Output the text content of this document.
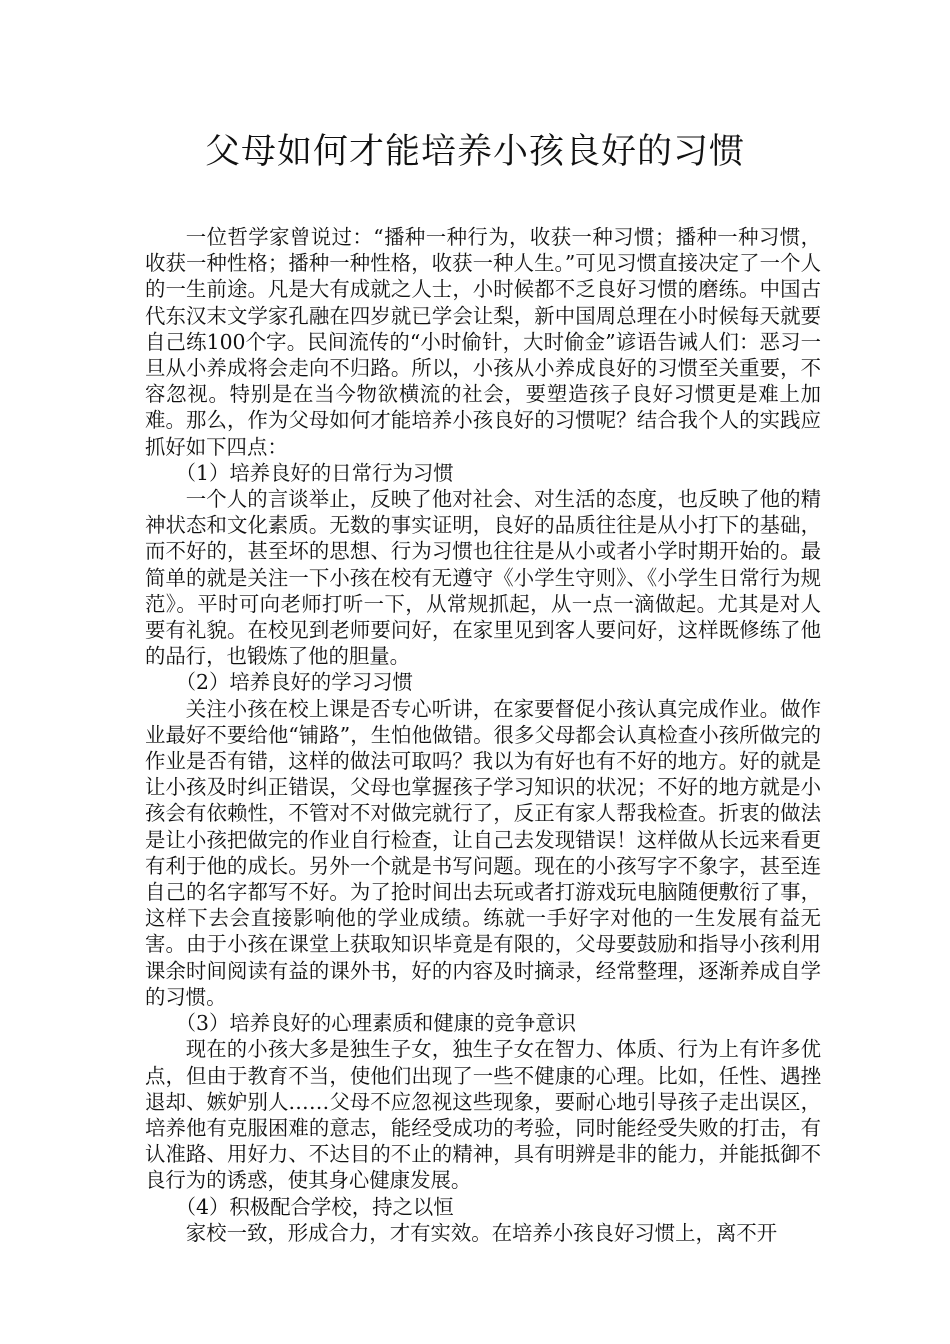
父母如何才能培养小孩良好的习惯

一位哲学家曾说过：“播种一种行为，收获一种习惯；播种一种习惯，收获一种性格；播种一种性格，收获一种人生。”可见习惯直接决定了一个人的一生前途。凡是大有成就之人士，小时候都不乏良好习惯的磨练。中国古代东汉末文学家孔融在四岁就已学会让梨，新中国周总理在小时候每天就要自己练100个字。民间流传的“小时偷针，大时偷金”谚语告诫人们：恶习一旦从小养成将会走向不归路。所以，小孩从小养成良好的习惯至关重要，不容忽视。特别是在当今物欲横流的社会，要塑造孩子良好习惯更是难上加难。那么，作为父母如何才能培养小孩良好的习惯呢？结合我个人的实践应抓好如下四点：

（1）培养良好的日常行为习惯

一个人的言谈举止，反映了他对社会、对生活的态度，也反映了他的精神状态和文化素质。无数的事实证明，良好的品质往往是从小打下的基础，而不好的，甚至坏的思想、行为习惯也往往是从小或者小学时期开始的。最简单的就是关注一下小孩在校有无遵守《小学生守则》、《小学生日常行为规范》。平时可向老师打听一下，从常规抓起，从一点一滴做起。尤其是对人要有礼貌。在校见到老师要问好，在家里见到客人要问好，这样既修练了他的品行，也锻炼了他的胆量。

（2）培养良好的学习习惯

关注小孩在校上课是否专心听讲，在家要督促小孩认真完成作业。做作业最好不要给他“铺路”，生怕他做错。很多父母都会认真检查小孩所做完的作业是否有错，这样的做法可取吗？我以为有好也有不好的地方。好的就是让小孩及时纠正错误，父母也掌握孩子学习知识的状况；不好的地方就是小孩会有依赖性，不管对不对做完就行了，反正有家人帮我检查。折衷的做法是让小孩把做完的作业自行检查，让自己去发现错误！这样做从长远来看更有利于他的成长。另外一个就是书写问题。现在的小孩写字不象字，甚至连自己的名字都写不好。为了抢时间出去玩或者打游戏玩电脑随便敷衍了事，这样下去会直接影响他的学业成绩。练就一手好字对他的一生发展有益无害。由于小孩在课堂上获取知识毕竟是有限的，父母要鼓励和指导小孩利用课余时间阅读有益的课外书，好的内容及时摘录，经常整理，逐渐养成自学的习惯。

（3）培养良好的心理素质和健康的竞争意识

现在的小孩大多是独生子女，独生子女在智力、体质、行为上有许多优点，但由于教育不当，使他们出现了一些不健康的心理。比如，任性、遇挫退却、嫉妒别人……父母不应忽视这些现象，要耐心地引导孩子走出误区，培养他有克服困难的意志，能经受成功的考验，同时能经受失败的打击，有认准路、用好力、不达目的不止的精神，具有明辨是非的能力，并能抵御不良行为的诱惑，使其身心健康发展。

（4）积极配合学校，持之以恒

家校一致，形成合力，才有实效。在培养小孩良好习惯上，离不开
